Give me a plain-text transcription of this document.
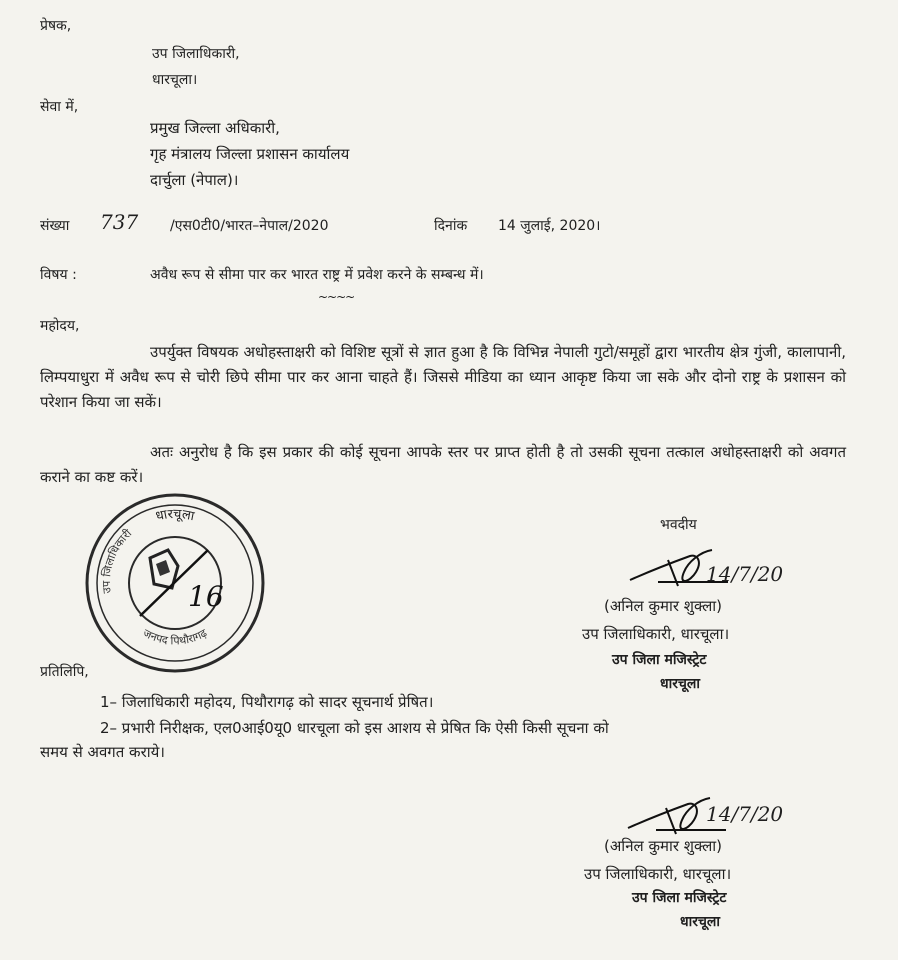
प्रेषक,
उप जिलाधिकारी,
धारचूला।
सेवा में,
प्रमुख जिल्ला अधिकारी,
गृह मंत्रालय जिल्ला प्रशासन कार्यालय
दार्चुला (नेपाल)।
संख्या 737 /एस0टी0/भारत–नेपाल/2020	दिनांक 14 जुलाई, 2020।
विषय :	अवैध रूप से सीमा पार कर भारत राष्ट्र में प्रवेश करने के सम्बन्ध में।
~~~~
महोदय,
उपर्युक्त विषयक अधोहस्ताक्षरी को विशिष्ट सूत्रों से ज्ञात हुआ है कि विभिन्न नेपाली गुटो/समूहों द्वारा भारतीय क्षेत्र गुंजी, कालापानी, लिम्पयाधुरा में अवैध रूप से चोरी छिपे सीमा पार कर आना चाहते हैं। जिससे मीडिया का ध्यान आकृष्ट किया जा सके और दोनो राष्ट्र के प्रशासन को परेशान किया जा सकें।
अतः अनुरोध है कि इस प्रकार की कोई सूचना आपके स्तर पर प्राप्त होती है तो उसकी सूचना तत्काल अधोहस्ताक्षरी को अवगत कराने का कष्ट करें।
धारचूला
उप जिलाधिकारी
जनपद पिथौरागढ़
16
भवदीय
14/7/20
(अनिल कुमार शुक्ला)
उप जिलाधिकारी, धारचूला।
उप जिला मजिस्ट्रेट
धारचूला
प्रतिलिपि,
1– जिलाधिकारी महोदय, पिथौरागढ़ को सादर सूचनार्थ प्रेषित।
2– प्रभारी निरीक्षक, एल0आई0यू0 धारचूला को इस आशय से प्रेषित कि ऐसी किसी सूचना को
समय से अवगत कराये।
14/7/20
(अनिल कुमार शुक्ला)
उप जिलाधिकारी, धारचूला।
उप जिला मजिस्ट्रेट
धारचूला
